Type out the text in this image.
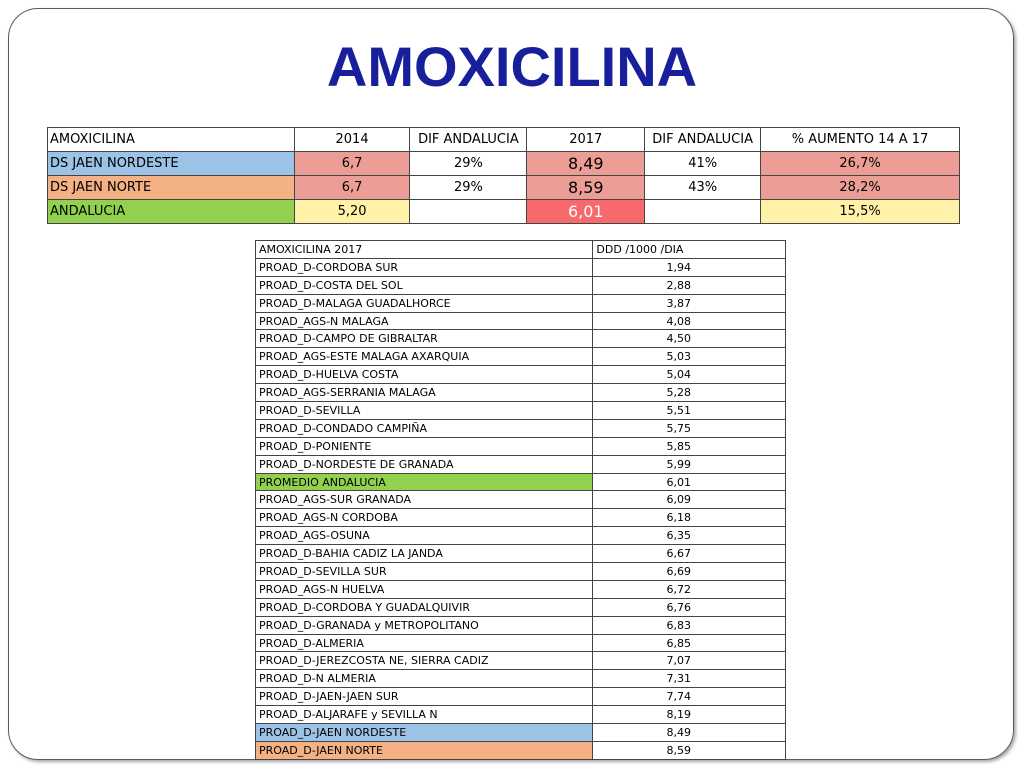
AMOXICILINA
AMOXICILINA	2014	DIF ANDALUCIA	2017	DIF ANDALUCIA	% AUMENTO 14 A 17
DS JAEN NORDESTE	6,7	29%	8,49	41%	26,7%
DS JAEN NORTE	6,7	29%	8,59	43%	28,2%
ANDALUCIA	5,20		6,01		15,5%
AMOXICILINA 2017	DDD /1000 /DIA
PROAD_D-CORDOBA SUR	1,94
PROAD_D-COSTA DEL SOL	2,88
PROAD_D-MALAGA GUADALHORCE	3,87
PROAD_AGS-N MALAGA	4,08
PROAD_D-CAMPO DE GIBRALTAR	4,50
PROAD_AGS-ESTE MALAGA AXARQUIA	5,03
PROAD_D-HUELVA COSTA	5,04
PROAD_AGS-SERRANIA MALAGA	5,28
PROAD_D-SEVILLA	5,51
PROAD_D-CONDADO CAMPIÑA	5,75
PROAD_D-PONIENTE	5,85
PROAD_D-NORDESTE DE GRANADA	5,99
PROMEDIO ANDALUCIA	6,01
PROAD_AGS-SUR GRANADA	6,09
PROAD_AGS-N CORDOBA	6,18
PROAD_AGS-OSUNA	6,35
PROAD_D-BAHIA CADIZ LA JANDA	6,67
PROAD_D-SEVILLA SUR	6,69
PROAD_AGS-N HUELVA	6,72
PROAD_D-CORDOBA Y GUADALQUIVIR	6,76
PROAD_D-GRANADA y METROPOLITANO	6,83
PROAD_D-ALMERIA	6,85
PROAD_D-JEREZCOSTA NE, SIERRA CADIZ	7,07
PROAD_D-N ALMERIA	7,31
PROAD_D-JAEN-JAEN SUR	7,74
PROAD_D-ALJARAFE y SEVILLA N	8,19
PROAD_D-JAEN NORDESTE	8,49
PROAD_D-JAEN NORTE	8,59
